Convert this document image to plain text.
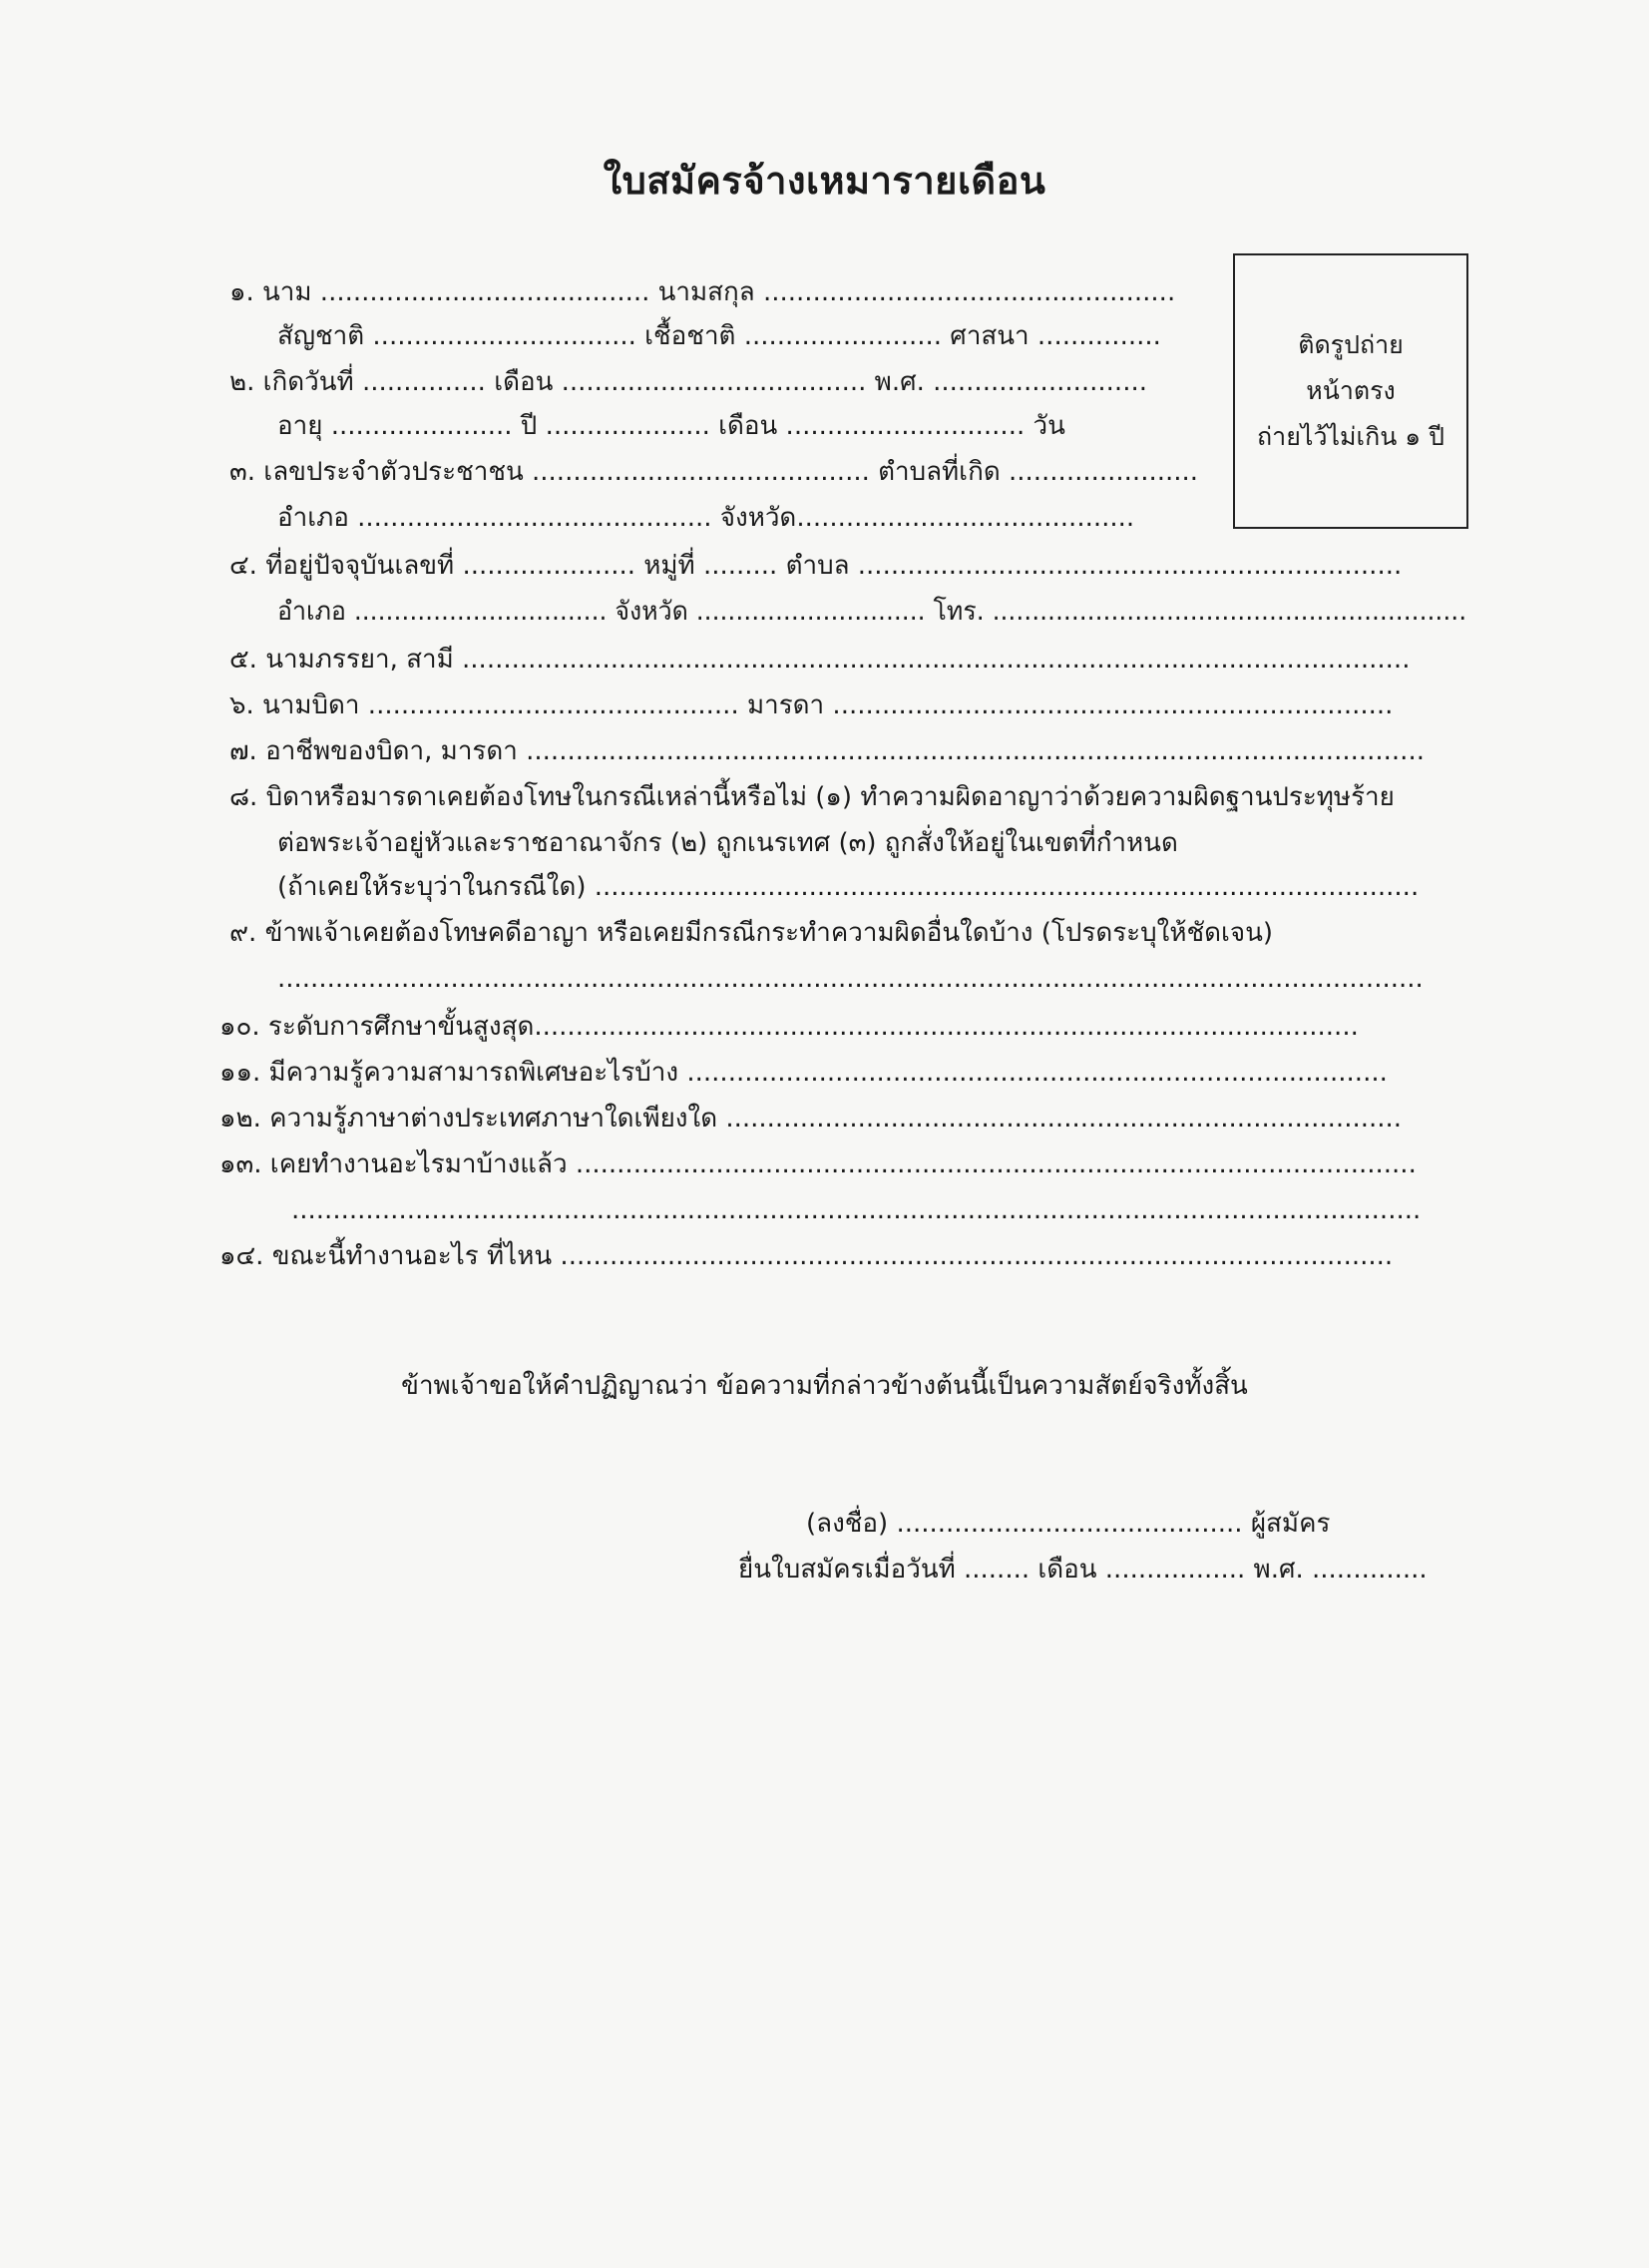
ใบสมัครจ้างเหมารายเดือน
ติดรูปถ่าย
หน้าตรง
ถ่ายไว้ไม่เกิน ๑ ปี
๑. นาม ........................................ นามสกุล ..................................................
สัญชาติ ................................ เชื้อชาติ ........................ ศาสนา ...............
๒. เกิดวันที่ ............... เดือน ..................................... พ.ศ. ..........................
อายุ ...................... ปี .................... เดือน ............................. วัน
๓. เลขประจำตัวประชาชน ......................................... ตำบลที่เกิด .......................
อำเภอ ........................................... จังหวัด.........................................
๔. ที่อยู่ปัจจุบันเลขที่ ..................... หมู่ที่ ......... ตำบล ..................................................................
อำเภอ ................................ จังหวัด ............................. โทร. ............................................................
๕. นามภรรยา, สามี ...................................................................................................................
๖. นามบิดา ............................................. มารดา ....................................................................
๗. อาชีพของบิดา, มารดา .............................................................................................................
๘. บิดาหรือมารดาเคยต้องโทษในกรณีเหล่านี้หรือไม่ (๑) ทำความผิดอาญาว่าด้วยความผิดฐานประทุษร้าย
ต่อพระเจ้าอยู่หัวและราชอาณาจักร (๒) ถูกเนรเทศ (๓) ถูกสั่งให้อยู่ในเขตที่กำหนด
(ถ้าเคยให้ระบุว่าในกรณีใด) ....................................................................................................
๙. ข้าพเจ้าเคยต้องโทษคดีอาญา หรือเคยมีกรณีกระทำความผิดอื่นใดบ้าง (โปรดระบุให้ชัดเจน)
...........................................................................................................................................
๑๐. ระดับการศึกษาขั้นสูงสุด....................................................................................................
๑๑. มีความรู้ความสามารถพิเศษอะไรบ้าง .....................................................................................
๑๒. ความรู้ภาษาต่างประเทศภาษาใดเพียงใด ..................................................................................
๑๓. เคยทำงานอะไรมาบ้างแล้ว ......................................................................................................
.........................................................................................................................................
๑๔. ขณะนี้ทำงานอะไร ที่ไหน .....................................................................................................
ข้าพเจ้าขอให้คำปฏิญาณว่า ข้อความที่กล่าวข้างต้นนี้เป็นความสัตย์จริงทั้งสิ้น
(ลงชื่อ) .......................................... ผู้สมัคร
ยื่นใบสมัครเมื่อวันที่ ........ เดือน ................. พ.ศ. ..............
